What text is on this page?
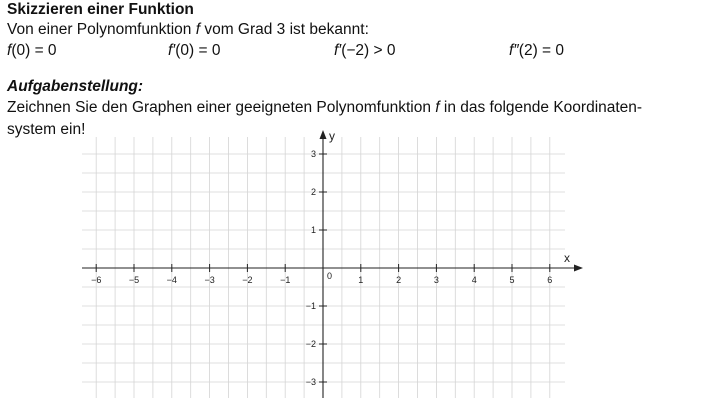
Skizzieren einer Funktion
Von einer Polynomfunktion f vom Grad 3 ist bekannt:
f(0) = 0	f′(0) = 0	f′(−2) > 0	f″(2) = 0
Aufgabenstellung:
Zeichnen Sie den Graphen einer geeigneten Polynomfunktion f in das folgende Koordinaten-
system ein!
x
y
−6	−5	−4	−3	−2	−1	1	2	3	4	5	6
3
2
1
−1
−2
−3
0
